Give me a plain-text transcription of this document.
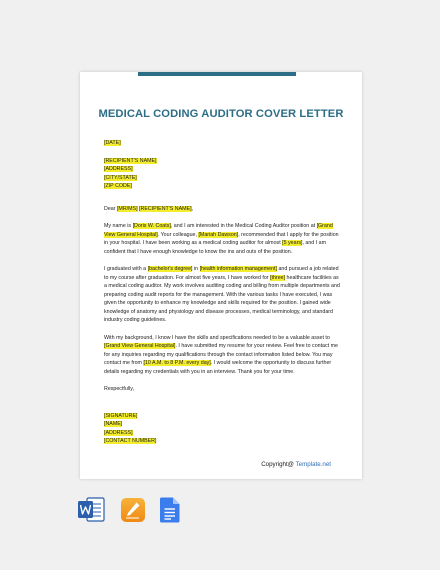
MEDICAL CODING AUDITOR COVER LETTER

[DATE]

[RECIPIENT'S NAME]

[ADDRESS]

[CITY/STATE]

[ZIP CODE]

Dear [MR/MS] [RECIPIENT'S NAME],

My name is [Doris W. Coats], and I am interested in the Medical Coding Auditor position at [Grand View General Hospital]. Your colleague, [Mariah Dawson], recommended that I apply for the position in your hospital. I have been working as a medical coding auditor for almost [5 years], and I am confident that I have enough knowledge to know the ins and outs of the position.

I graduated with a [bachelor's degree] in [health information management] and pursued a job related to my course after graduation. For almost five years, I have worked for [three] healthcare facilities as a medical coding auditor. My work involves auditing coding and billing from multiple departments and preparing coding audit reports for the management. With the various tasks I have executed, I was given the opportunity to enhance my knowledge and skills required for the position. I gained wide knowledge of anatomy and physiology and disease processes, medical terminology, and standard industry coding guidelines.

With my background, I know I have the skills and specifications needed to be a valuable asset to [Grand View General Hospital]. I have submitted my resume for your review. Feel free to contact me for any inquiries regarding my qualifications through the contact information listed below. You may contact me from [10 A.M. to 8 P.M. every day]. I would welcome the opportunity to discuss further details regarding my credentials with you in an interview. Thank you for your time.

Respectfully,

[SIGNATURE]

[NAME]

[ADDRESS]

[CONTACT NUMBER]

Copyright@ Template.net
